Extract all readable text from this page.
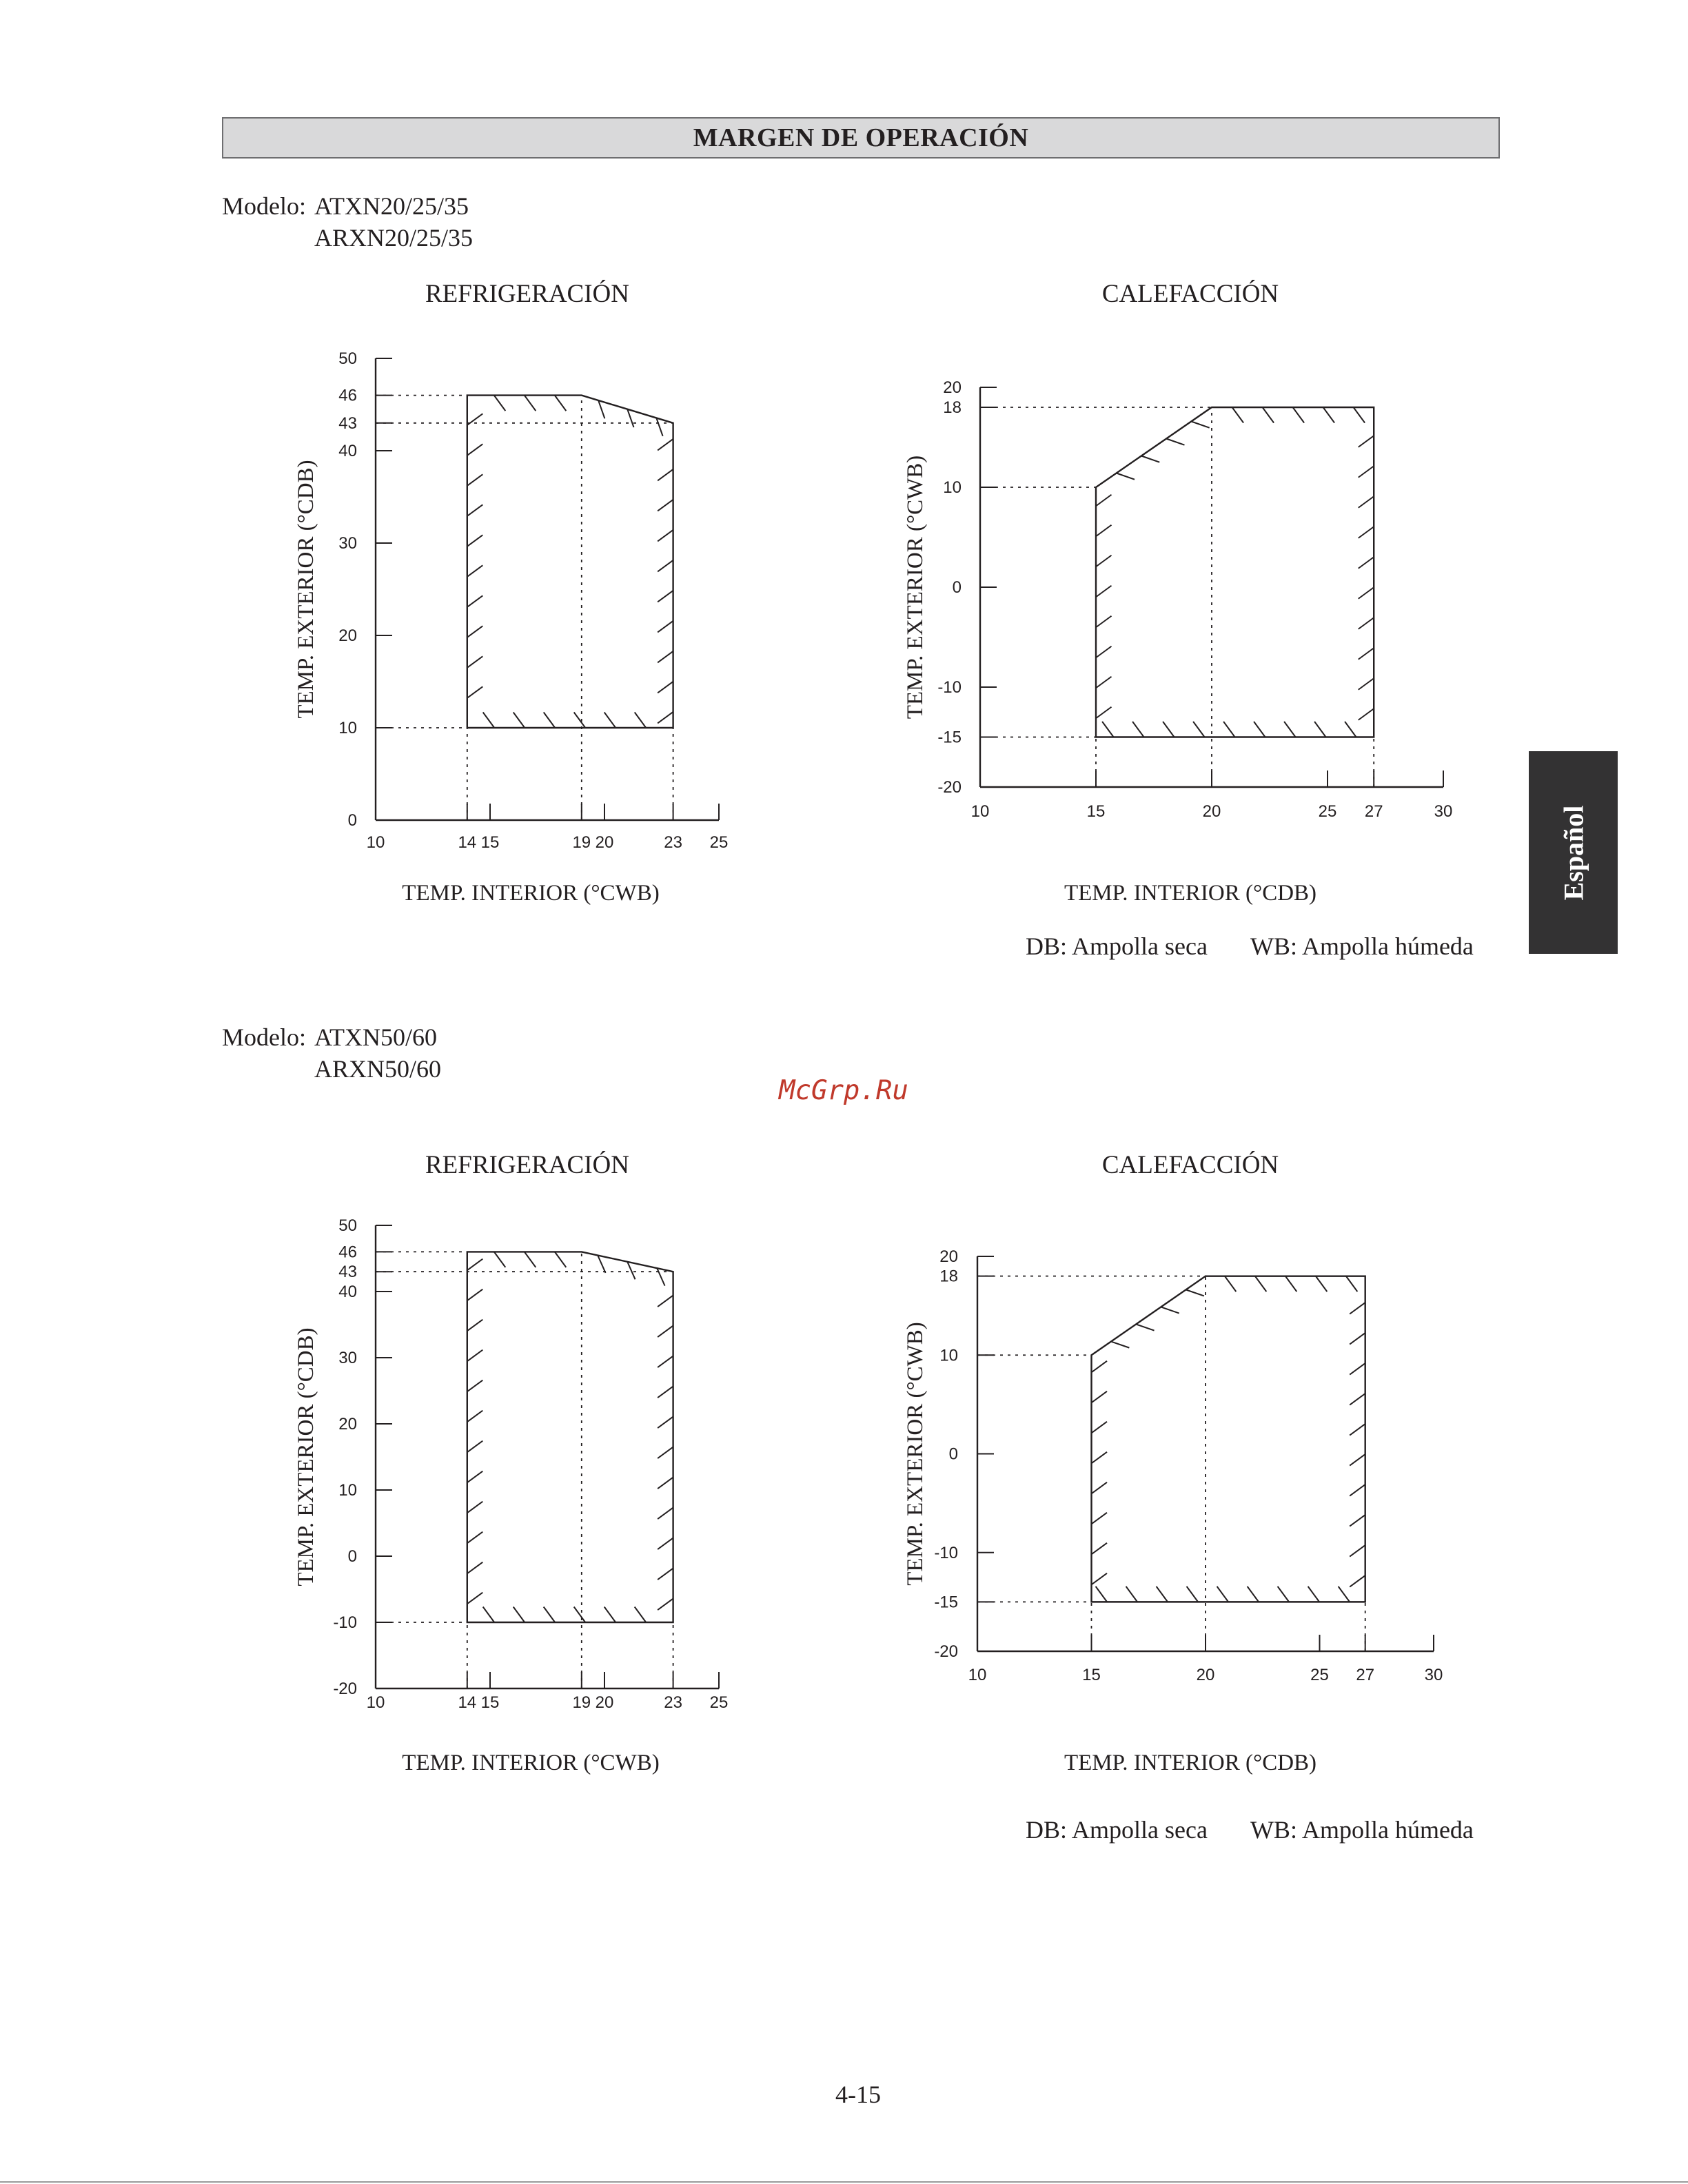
MARGEN DE OPERACIÓN
Modelo: ATXN20/25/35
ARXN20/25/35
Modelo: ATXN50/60
ARXN50/60
REFRIGERACIÓN
0
10
20
30
40
43
46
50
10	14 15	19 20	23 25
TEMP. INTERIOR (°CWB)
TEMP. EXTERIOR (°CDB)
CALEFACCIÓN
-20
-15
-10
0
10
18
20
10	15	20	25 27	30
TEMP. INTERIOR (°CDB)
TEMP. EXTERIOR (°CWB)
REFRIGERACIÓN
-20
-10
0
10
20
30
40
43
46
50
10	14 15	19 20	23 25
TEMP. INTERIOR (°CWB)
TEMP. EXTERIOR (°CDB)
CALEFACCIÓN
-20
-15
-10
0
10
18
20
10	15	20	25 27	30
TEMP. INTERIOR (°CDB)
TEMP. EXTERIOR (°CWB)
DB: Ampolla seca WB: Ampolla húmeda
DB: Ampolla seca WB: Ampolla húmeda
Español
McGrp.Ru
4-15
